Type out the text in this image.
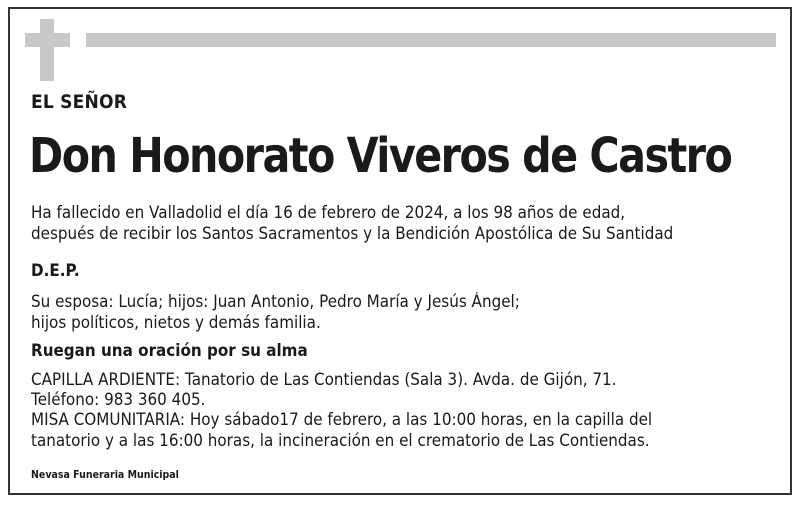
EL SEÑOR
Don Honorato Viveros de Castro
Ha fallecido en Valladolid el día 16 de febrero de 2024, a los 98 años de edad,
después de recibir los Santos Sacramentos y la Bendición Apostólica de Su Santidad
D.E.P.
Su esposa: Lucía; hijos: Juan Antonio, Pedro María y Jesús Ángel;
hijos políticos, nietos y demás familia.
Ruegan una oración por su alma
CAPILLA ARDIENTE: Tanatorio de Las Contiendas (Sala 3). Avda. de Gijón, 71.
Teléfono: 983 360 405.
MISA COMUNITARIA: Hoy sábado17 de febrero, a las 10:00 horas, en la capilla del
tanatorio y a las 16:00 horas, la incineración en el crematorio de Las Contiendas.
Nevasa Funeraria Municipal
